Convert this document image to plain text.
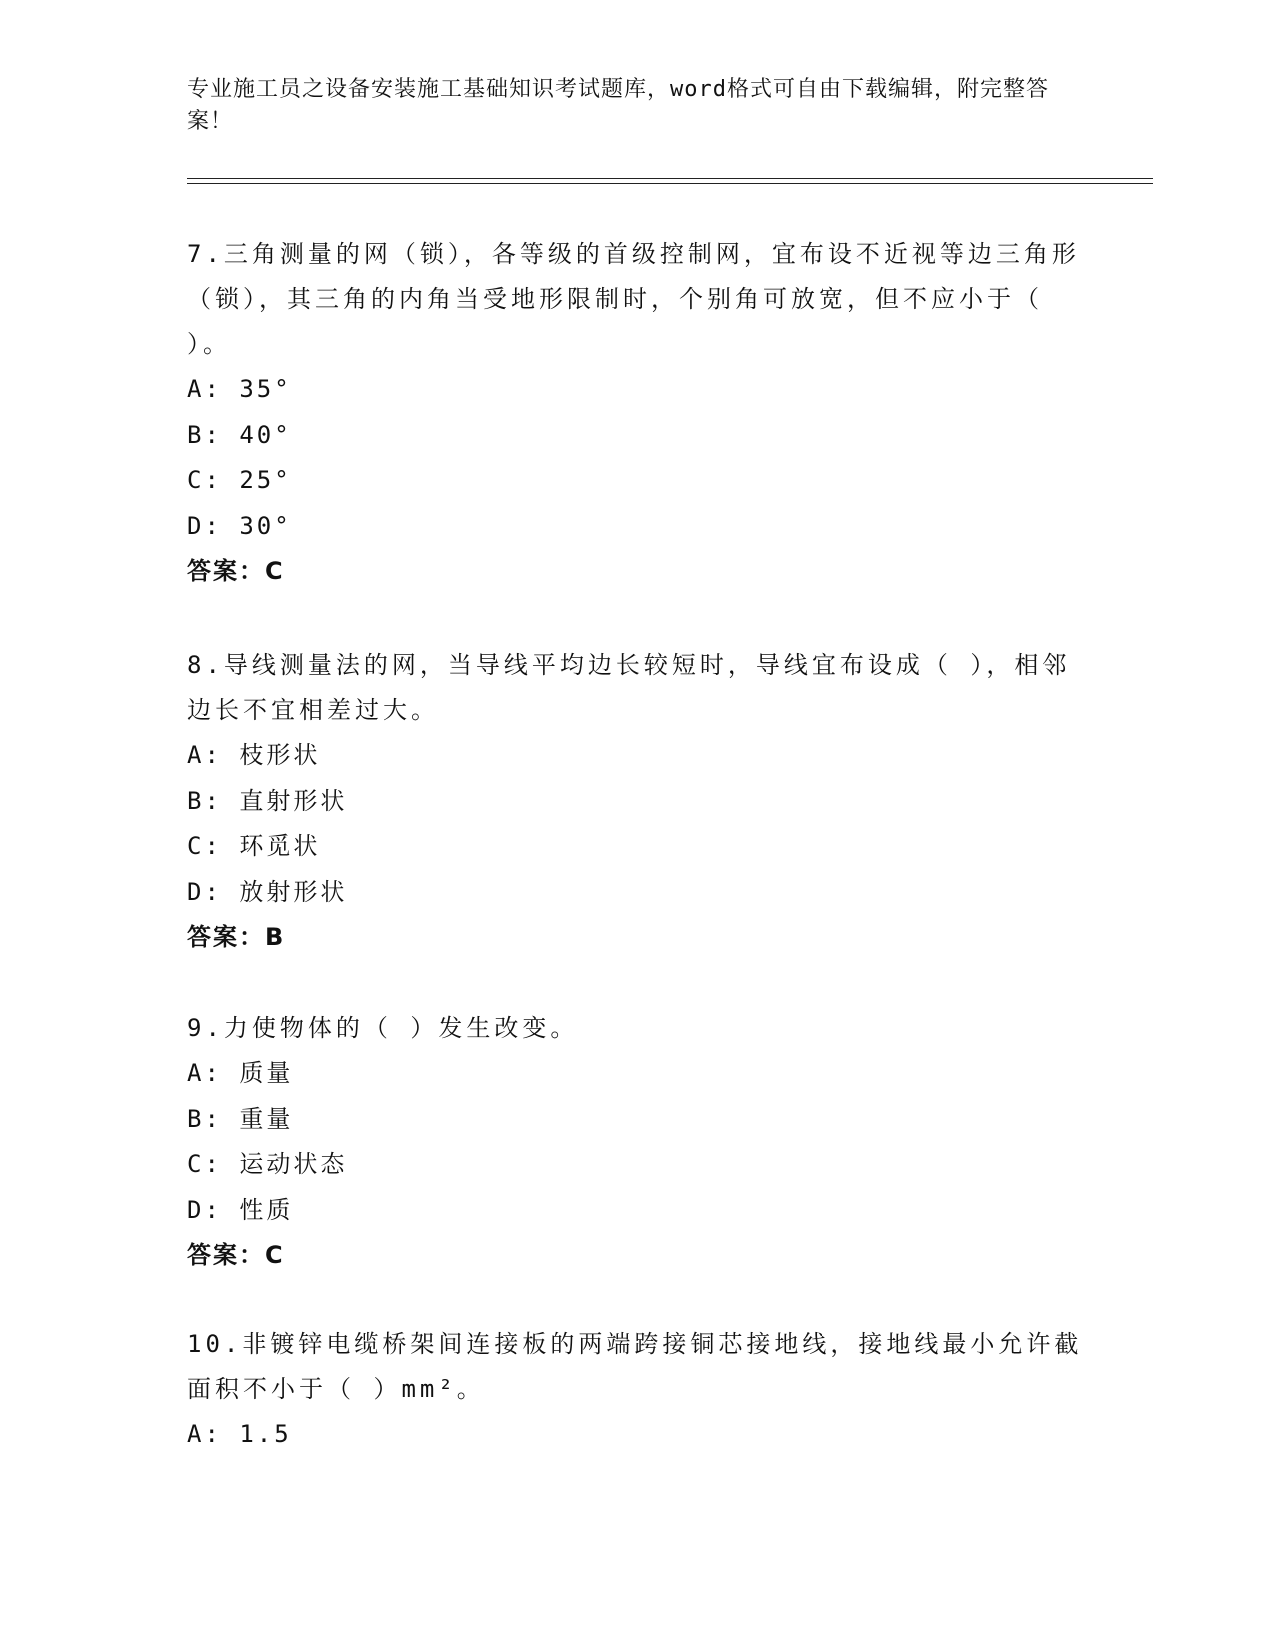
专业施工员之设备安装施工基础知识考试题库，word格式可自由下载编辑，附完整答案！

7.三角测量的网（锁），各等级的首级控制网，宜布设不近视等边三角形（锁），其三角的内角当受地形限制时，个别角可放宽，但不应小于（ ）。

A: 35°

B: 40°

C: 25°

D: 30°

答案：C

8.导线测量法的网，当导线平均边长较短时，导线宜布设成（ ），相邻边长不宜相差过大。

A: 枝形状

B: 直射形状

C: 环觅状

D: 放射形状

答案：B

9.力使物体的（ ）发生改变。

A: 质量

B: 重量

C: 运动状态

D: 性质

答案：C

10.非镀锌电缆桥架间连接板的两端跨接铜芯接地线，接地线最小允许截面积不小于（ ）mm²。

A: 1.5
